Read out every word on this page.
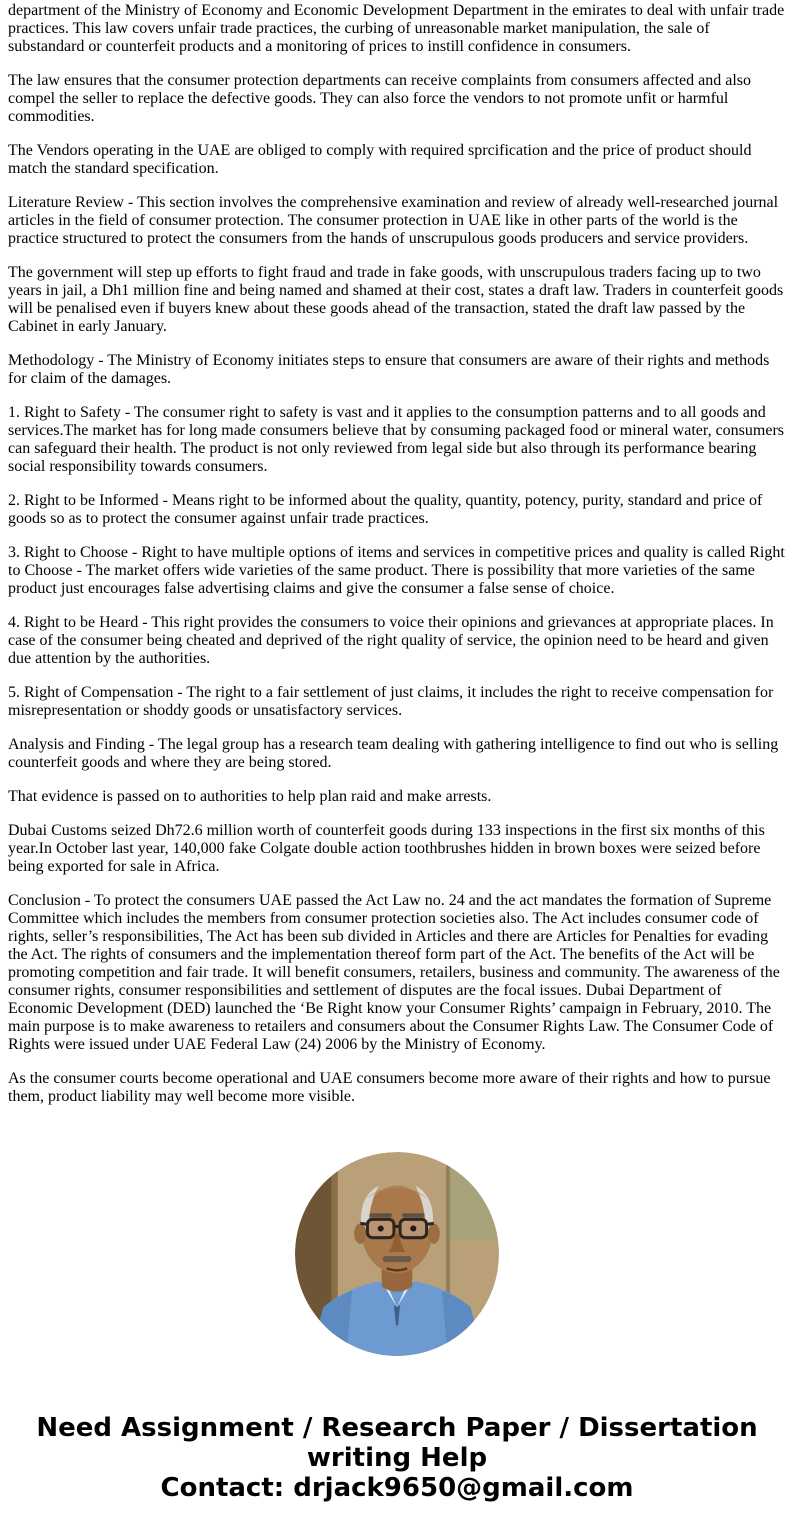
department of the Ministry of Economy and Economic Development Department in the emirates to deal with unfair trade practices. This law covers unfair trade practices, the curbing of unreasonable market manipulation, the sale of substandard or counterfeit products and a monitoring of prices to instill confidence in consumers.

The law ensures that the consumer protection departments can receive complaints from consumers affected and also compel the seller to replace the defective goods. They can also force the vendors to not promote unfit or harmful commodities.

The Vendors operating in the UAE are obliged to comply with required sprcification and the price of product should match the standard specification.

Literature Review - This section involves the comprehensive examination and review of already well-researched journal articles in the field of consumer protection. The consumer protection in UAE like in other parts of the world is the practice structured to protect the consumers from the hands of unscrupulous goods producers and service providers.

The government will step up efforts to fight fraud and trade in fake goods, with unscrupulous traders facing up to two years in jail, a Dh1 million fine and being named and shamed at their cost, states a draft law. Traders in counterfeit goods will be penalised even if buyers knew about these goods ahead of the transaction, stated the draft law passed by the Cabinet in early January.

Methodology - The Ministry of Economy initiates steps to ensure that consumers are aware of their rights and methods for claim of the damages.

1. Right to Safety - The consumer right to safety is vast and it applies to the consumption patterns and to all goods and services.The market has for long made consumers believe that by consuming packaged food or mineral water, consumers can safeguard their health. The product is not only reviewed from legal side but also through its performance bearing social responsibility towards consumers.

2. Right to be Informed - Means right to be informed about the quality, quantity, potency, purity, standard and price of goods so as to protect the consumer against unfair trade practices.

3. Right to Choose - Right to have multiple options of items and services in competitive prices and quality is called Right to Choose - The market offers wide varieties of the same product. There is possibility that more varieties of the same product just encourages false advertising claims and give the consumer a false sense of choice.

4. Right to be Heard - This right provides the consumers to voice their opinions and grievances at appropriate places. In case of the consumer being cheated and deprived of the right quality of service, the opinion need to be heard and given due attention by the authorities.

5. Right of Compensation - The right to a fair settlement of just claims, it includes the right to receive compensation for misrepresentation or shoddy goods or unsatisfactory services.

Analysis and Finding - The legal group has a research team dealing with gathering intelligence to find out who is selling counterfeit goods and where they are being stored.

That evidence is passed on to authorities to help plan raid and make arrests.

Dubai Customs seized Dh72.6 million worth of counterfeit goods during 133 inspections in the first six months of this year.In October last year, 140,000 fake Colgate double action toothbrushes hidden in brown boxes were seized before being exported for sale in Africa.

Conclusion - To protect the consumers UAE passed the Act Law no. 24 and the act mandates the formation of Supreme Committee which includes the members from consumer protection societies also. The Act includes consumer code of rights, seller’s responsibilities, The Act has been sub divided in Articles and there are Articles for Penalties for evading the Act. The rights of consumers and the implementation thereof form part of the Act. The benefits of the Act will be promoting competition and fair trade. It will benefit consumers, retailers, business and community. The awareness of the consumer rights, consumer responsibilities and settlement of disputes are the focal issues. Dubai Department of Economic Development (DED) launched the ‘Be Right know your Consumer Rights’ campaign in February, 2010. The main purpose is to make awareness to retailers and consumers about the Consumer Rights Law. The Consumer Code of Rights were issued under UAE Federal Law (24) 2006 by the Ministry of Economy.

As the consumer courts become operational and UAE consumers become more aware of their rights and how to pursue them, product liability may well become more visible.

Need Assignment / Research Paper / Dissertation
writing Help
Contact: drjack9650@gmail.com
